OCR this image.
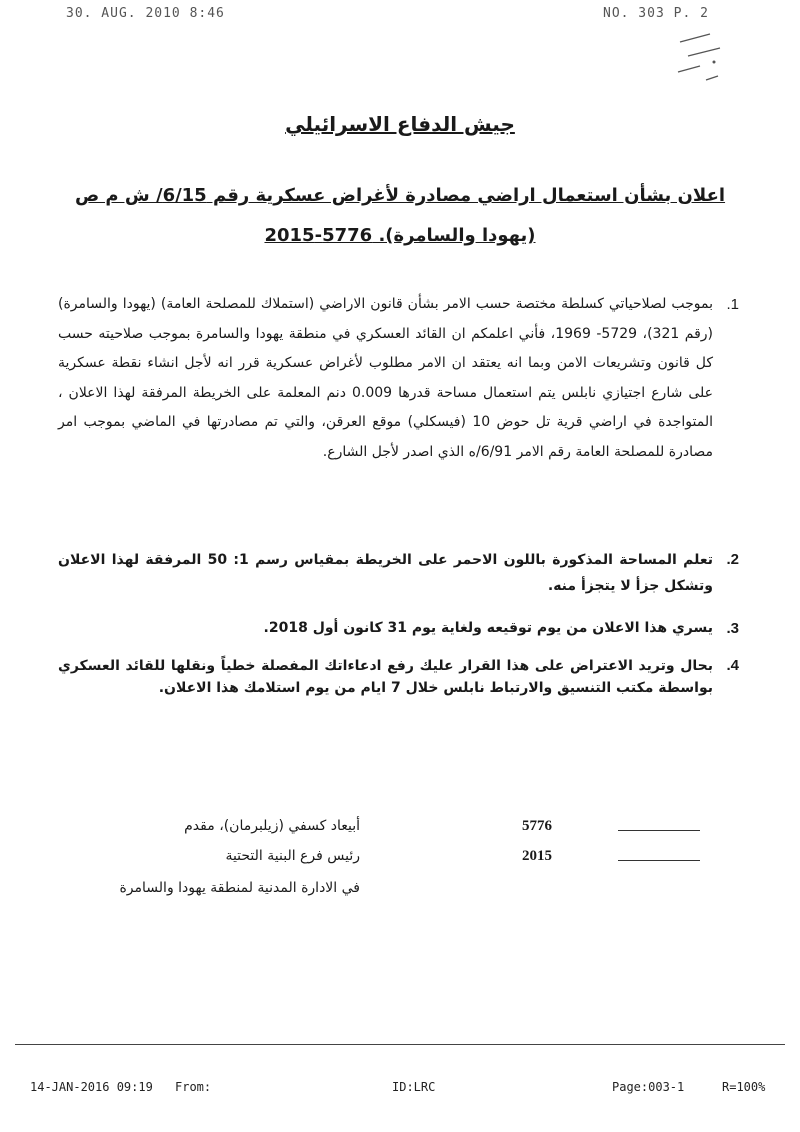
30. AUG. 2010 8:46	NO. 303 P. 2
جيش الدفاع الاسرائيلي
اعلان بشأن استعمال اراضي مصادرة لأغراض عسكرية رقم 6/15/ ش م ص
(يهودا والسامرة). 5776-2015
1.
بموجب لصلاحياتي كسلطة مختصة حسب الامر بشأن قانون الاراضي (استملاك للمصلحة العامة) (يهودا والسامرة) (رقم 321)، 5729- 1969، فأني اعلمكم ان القائد العسكري في منطقة يهودا والسامرة بموجب صلاحيته حسب كل قانون وتشريعات الامن وبما انه يعتقد ان الامر مطلوب لأغراض عسكرية قرر انه لأجل انشاء نقطة عسكرية على شارع اجتيازي نابلس يتم استعمال مساحة قدرها 0.009 دنم المعلمة على الخريطة المرفقة لهذا الاعلان ، المتواجدة في اراضي قرية تل حوض 10 (فيسكلي) موقع العرقن، والتي تم مصادرتها في الماضي بموجب امر مصادرة للمصلحة العامة رقم الامر 6/91/ه الذي اصدر لأجل الشارع.
2.
تعلم المساحة المذكورة باللون الاحمر على الخريطة بمقياس رسم 1: 50 المرفقة لهذا الاعلان وتشكل جزأ لا يتجزأ منه.
3.
يسري هذا الاعلان من يوم توقيعه ولغاية يوم 31 كانون أول 2018.
4.
بحال وتريد الاعتراض على هذا القرار عليك رفع ادعاءاتك المفصلة خطياً ونقلها للقائد العسكري بواسطة مكتب التنسيق والارتباط نابلس خلال 7 ايام من يوم استلامك هذا الاعلان.
أبيعاد كسفي (زيلبرمان)، مقدم	5776
رئيس فرع البنية التحتية	2015
في الادارة المدنية لمنطقة يهودا والسامرة
14-JAN-2016 09:19 From:	ID:LRC	Page:003-1	R=100%
